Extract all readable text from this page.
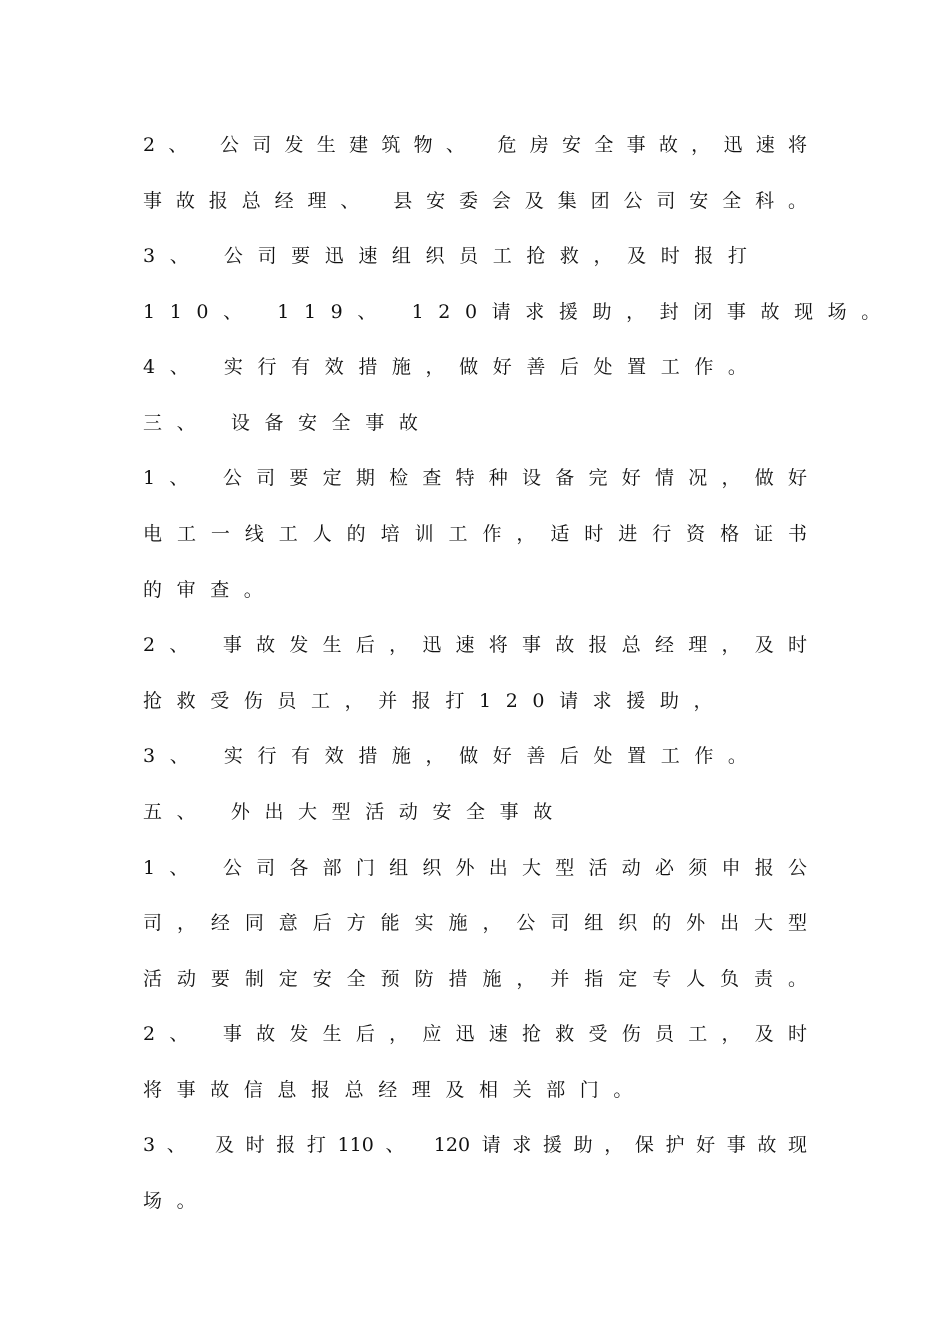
2、 公司发生建筑物、 危房安全事故，迅速将
事故报总经理、 县安委会及集团公司安全科。
3、 公司要迅速组织员工抢救，及时报打
110、 119、 120请求援助，封闭事故现场。
4、 实行有效措施，做好善后处置工作。
三、 设备安全事故
1、 公司要定期检查特种设备完好情况，做好
电工一线工人的培训工作，适时进行资格证书
的审查。
2、 事故发生后，迅速将事故报总经理，及时
抢救受伤员工，并报打120请求援助，
3、 实行有效措施，做好善后处置工作。
五、 外出大型活动安全事故
1、 公司各部门组织外出大型活动必须申报公
司，经同意后方能实施，公司组织的外出大型
活动要制定安全预防措施，并指定专人负责。
2、 事故发生后，应迅速抢救受伤员工，及时
将事故信息报总经理及相关部门。
3、 及时报打110、 120请求援助，保护好事故现
场。
